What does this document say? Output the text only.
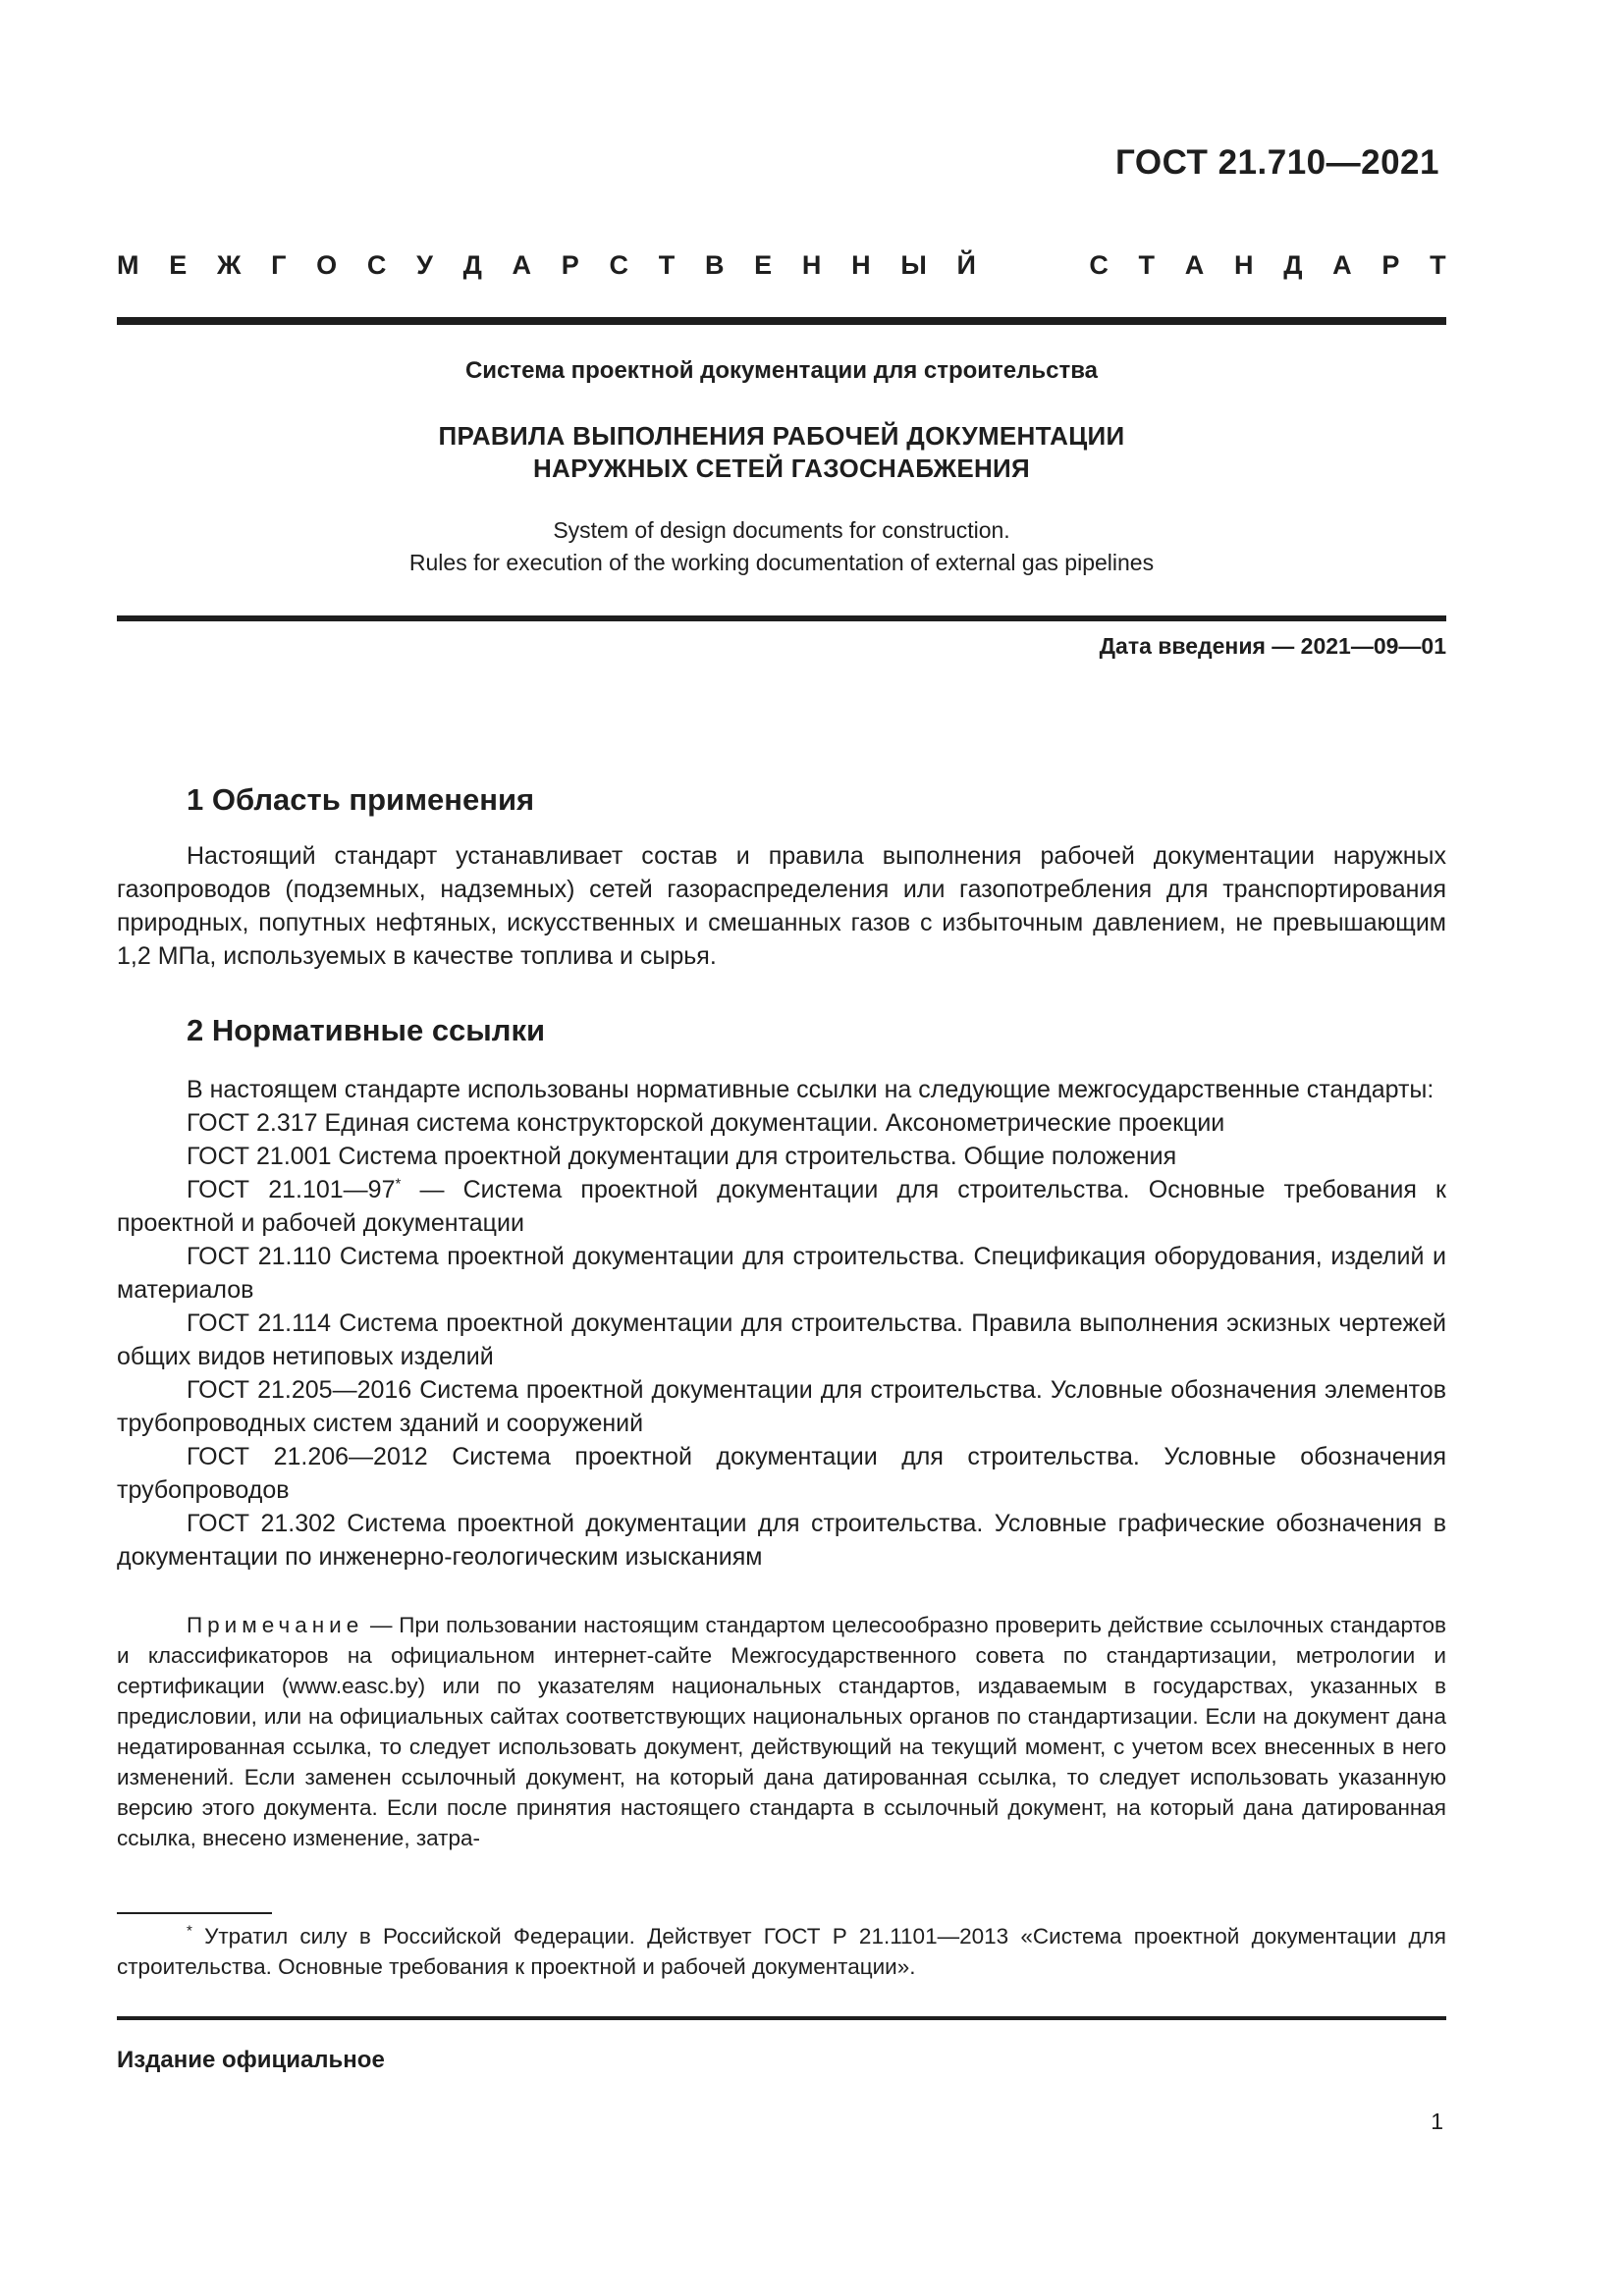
ГОСТ 21.710—2021
М Е Ж Г О С У Д А Р С Т В Е Н Н Ы Й	С Т А Н Д А Р Т
Система проектной документации для строительства
ПРАВИЛА ВЫПОЛНЕНИЯ РАБОЧЕЙ ДОКУМЕНТАЦИИ
НАРУЖНЫХ СЕТЕЙ ГАЗОСНАБЖЕНИЯ
System of design documents for construction.
Rules for execution of the working documentation of external gas pipelines
Дата введения — 2021—09—01
1 Область применения

Настоящий стандарт устанавливает состав и правила выполнения рабочей документации наружных газопроводов (подземных, надземных) сетей газораспределения или газопотребления для транспортирования природных, попутных нефтяных, искусственных и смешанных газов с избыточным давлением, не превышающим 1,2 МПа, используемых в качестве топлива и сырья.

2 Нормативные ссылки

В настоящем стандарте использованы нормативные ссылки на следующие межгосударственные стандарты:

ГОСТ 2.317 Единая система конструкторской документации. Аксонометрические проекции

ГОСТ 21.001 Система проектной документации для строительства. Общие положения

ГОСТ 21.101—97* — Система проектной документации для строительства. Основные требования к проектной и рабочей документации

ГОСТ 21.110 Система проектной документации для строительства. Спецификация оборудования, изделий и материалов

ГОСТ 21.114 Система проектной документации для строительства. Правила выполнения эскизных чертежей общих видов нетиповых изделий

ГОСТ 21.205—2016 Система проектной документации для строительства. Условные обозначения элементов трубопроводных систем зданий и сооружений

ГОСТ 21.206—2012 Система проектной документации для строительства. Условные обозначения трубопроводов

ГОСТ 21.302 Система проектной документации для строительства. Условные графические обозначения в документации по инженерно-геологическим изысканиям

Примечание — При пользовании настоящим стандартом целесообразно проверить действие ссылочных стандартов и классификаторов на официальном интернет-сайте Межгосударственного совета по стандартизации, метрологии и сертификации (www.easc.by) или по указателям национальных стандартов, издаваемым в государствах, указанных в предисловии, или на официальных сайтах соответствующих национальных органов по стандартизации. Если на документ дана недатированная ссылка, то следует использовать документ, действующий на текущий момент, с учетом всех внесенных в него изменений. Если заменен ссылочный документ, на который дана датированная ссылка, то следует использовать указанную версию этого документа. Если после принятия настоящего стандарта в ссылочный документ, на который дана датированная ссылка, внесено изменение, затра-

* Утратил силу в Российской Федерации. Действует ГОСТ Р 21.1101—2013 «Система проектной документации для строительства. Основные требования к проектной и рабочей документации».

Издание официальное
1
